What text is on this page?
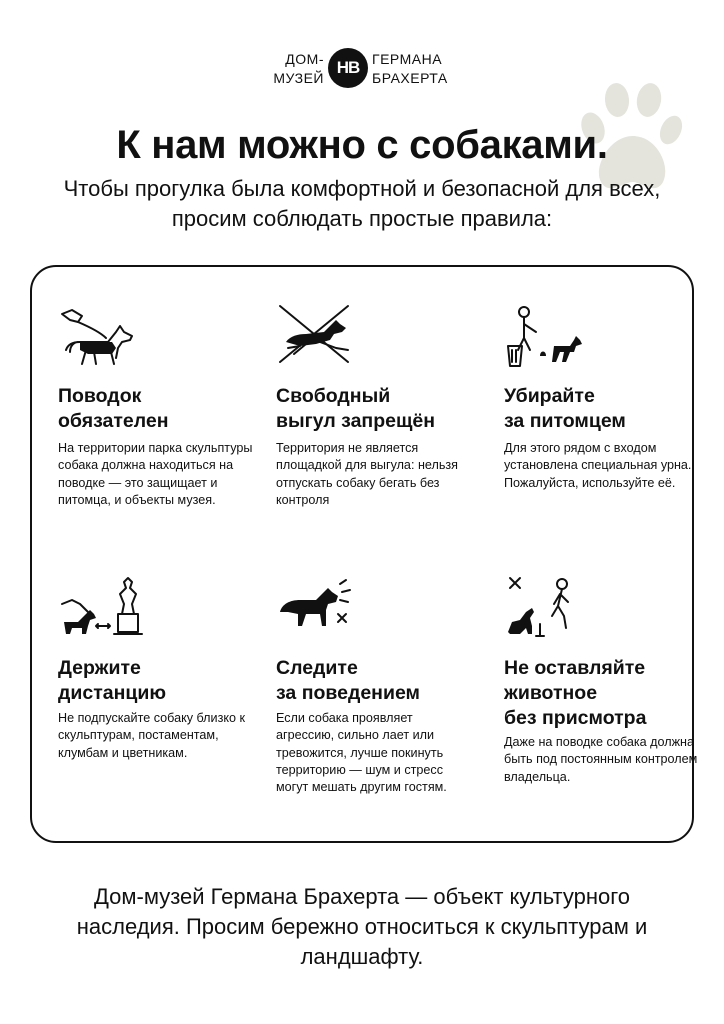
ДОМ-
МУЗЕЙ
НВ ГЕРМАНА
БРАХЕРТА
К нам можно с собаками.
Чтобы прогулка была комфортной и безопасной для всех, просим соблюдать простые правила:
Поводок
обязателен

На территории парка скульптуры собака должна находиться на поводке — это защищает и питомца, и объекты музея.

Свободный
выгул запрещён

Территория не является площадкой для выгула: нельзя отпускать собаку бегать без контроля

Убирайте
за питомцем

Для этого рядом с входом установлена специальная урна. Пожалуйста, используйте её.

Держите
дистанцию

Не подпускайте собаку близко к скульптурам, постаментам, клумбам и цветникам.

Следите
за поведением

Если собака проявляет агрессию, сильно лает или тревожится, лучше покинуть территорию — шум и стресс могут мешать другим гостям.

Не оставляйте
животное
без присмотра

Даже на поводке собака должна быть под постоянным контролем владельца.

Дом-музей Германа Брахерта — объект культурного наследия. Просим бережно относиться к скульптурам и ландшафту.
